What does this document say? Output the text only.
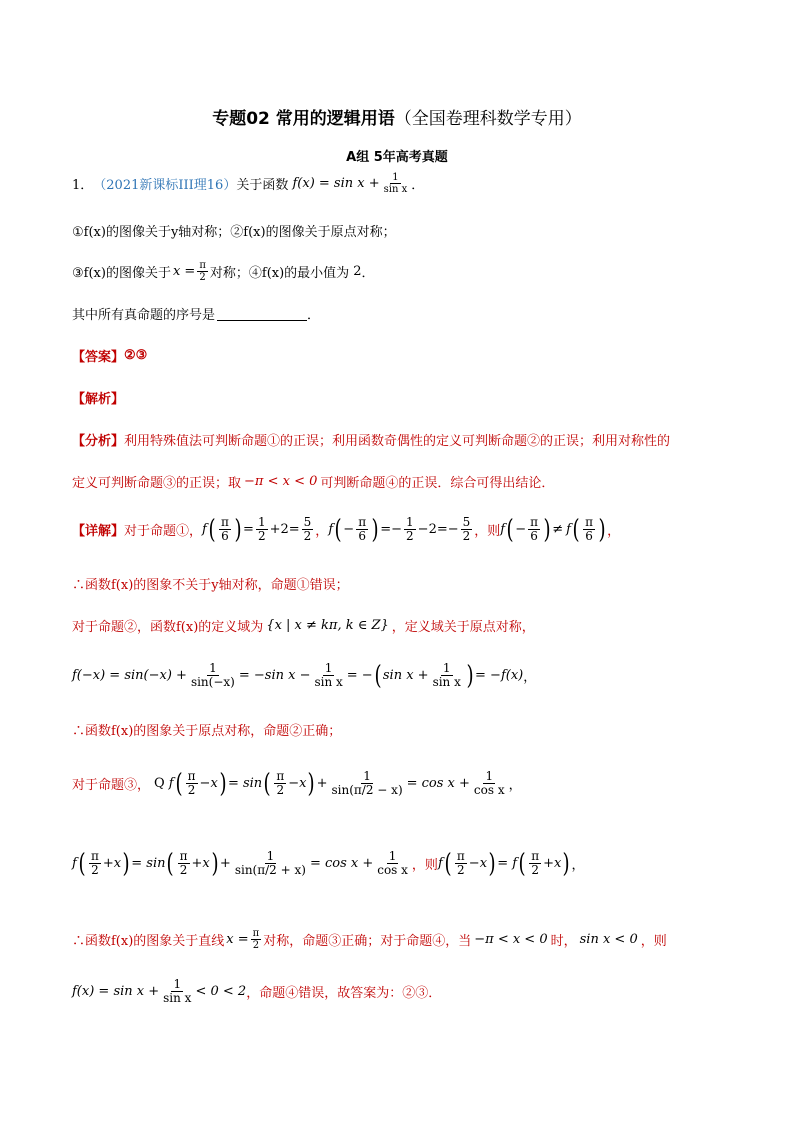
专题02 常用的逻辑用语（全国卷理科数学专用）
A组 5年高考真题
1． （2021新课标III理16） 关于函数 $f(x) = \sin x + \frac{1}{\text{sin x}}$ ．
①f(x)的图像关于y轴对称；②f(x)的图像关于原点对称；
③f(x)的图像关于 $x = \frac{\pi}{2}$ 对称；④f(x)的最小值为 2 ．
其中所有真命题的序号是	．
【答案】 ②③
【解析】
【分析】 利用特殊值法可判断命题①的正误；利用函数奇偶性的定义可判断命题②的正误；利用对称性的
定义可判断命题③的正误；取 −π < x < 0 可判断命题④的正误．综合可得出结论．
【详解】 对于命题①， f ( $\frac{\pi}{6}$ ) = $\frac{1}{2} +2= \frac{5}{2}$ ， f ( − $\frac{\pi}{6}$ ) =− $\frac{1}{2} -2=- \frac{5}{2}$ ，则 f ( − $\frac{\pi}{6}$ ) ≠ f ( $\frac{\pi}{6}$ ) ，
∴函数f(x)的图象不关于y轴对称，命题①错误；
对于命题②，函数f(x)的定义域为 {x | x ≠ kπ, k ∈ Z} ，定义域关于原点对称，
$f(-x) = \sin(-x) + \frac{1}{\sin(-x)} = -\sin$ $x - \frac{1}{\text{sin x}}$ = − ( $\sin x + \frac{1}{\text{sin x}}$ ) = −f(x) ，
∴函数f(x)的图象关于原点对称，命题②正确；
对于命题③， Q f ( $\frac{\pi}{2} -x$ ) = sin ( $\frac{\pi}{2} -x$ ) + $\frac{1}{\sin(\pi/2 - x)} = \cos x + \frac{1}{\text{cos x}}$ ，
f ( $\frac{\pi}{2} +x$ ) = sin ( $\frac{\pi}{2} +x$ ) + $\frac{1}{\sin(\pi/2 + x)} = \cos x + \frac{1}{\text{cos x}}$ ，则 f ( $\frac{\pi}{2} -x$ ) = f ( $\frac{\pi}{2} +x$ ) ，
∴函数f(x)的图象关于直线 $x = \frac{\pi}{2}$ 对称，命题③正确；对于命题④，当 −π < x < 0 时， sin x < 0 ，则
$f(x) = \sin x + \frac{1}{\text{sin x}} < 0 < 2$ ，命题④错误，故答案为：②③．
